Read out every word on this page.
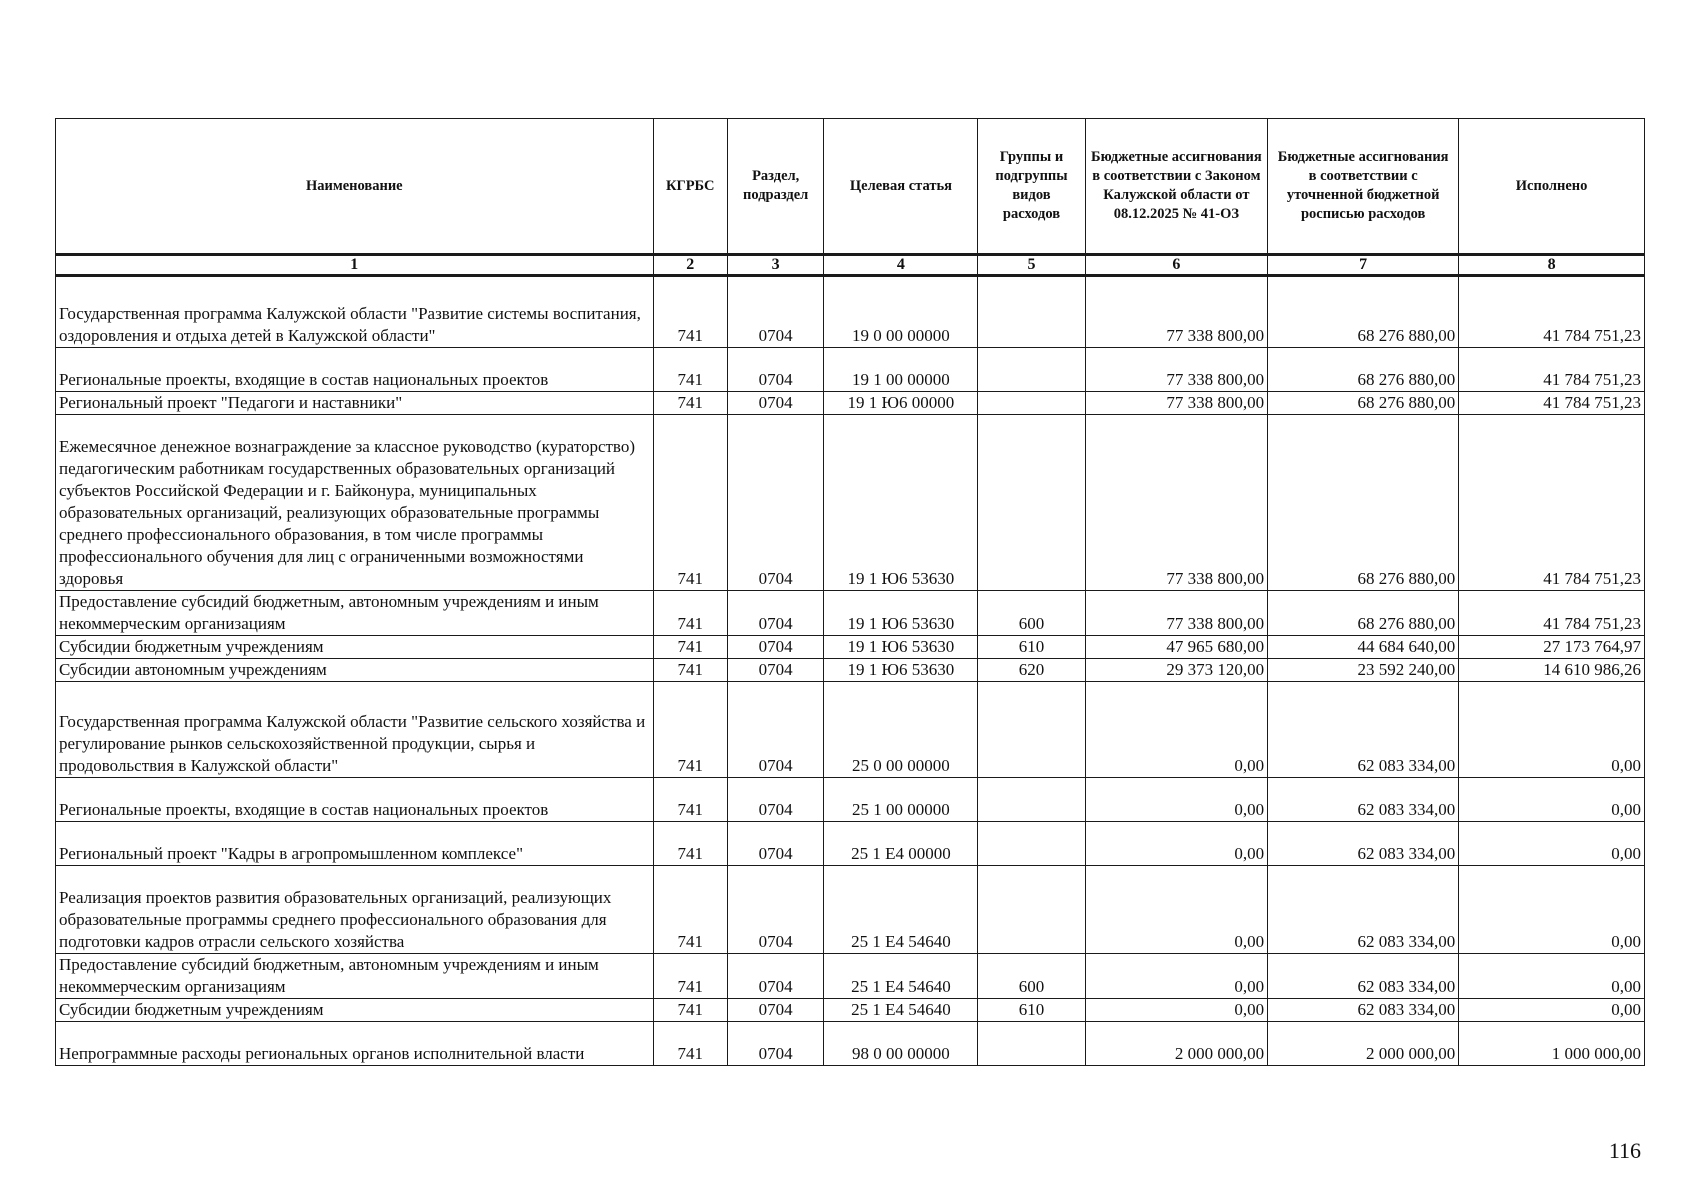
Наименование	КГРБС	Раздел, подраздел	Целевая статья	Группы и подгруппы видов расходов	Бюджетные ассигнования в соответствии с Законом Калужской области от 08.12.2025 № 41-ОЗ	Бюджетные ассигнования в соответствии с уточненной бюджетной росписью расходов	Исполнено
1	2	3	4	5	6	7	8
Государственная программа Калужской области "Развитие системы воспитания, оздоровления и отдыха детей в Калужской области"	741	0704	19 0 00 00000		77 338 800,00	68 276 880,00	41 784 751,23
Региональные проекты, входящие в состав национальных проектов	741	0704	19 1 00 00000		77 338 800,00	68 276 880,00	41 784 751,23
Региональный проект "Педагоги и наставники"	741	0704	19 1 Ю6 00000		77 338 800,00	68 276 880,00	41 784 751,23
Ежемесячное денежное вознаграждение за классное руководство (кураторство) педагогическим работникам государственных образовательных организаций субъектов Российской Федерации и г. Байконура, муниципальных образовательных организаций, реализующих образовательные программы среднего профессионального образования, в том числе программы профессионального обучения для лиц с ограниченными возможностями здоровья	741	0704	19 1 Ю6 53630		77 338 800,00	68 276 880,00	41 784 751,23
Предоставление субсидий бюджетным, автономным учреждениям и иным некоммерческим организациям	741	0704	19 1 Ю6 53630	600	77 338 800,00	68 276 880,00	41 784 751,23
Субсидии бюджетным учреждениям	741	0704	19 1 Ю6 53630	610	47 965 680,00	44 684 640,00	27 173 764,97
Субсидии автономным учреждениям	741	0704	19 1 Ю6 53630	620	29 373 120,00	23 592 240,00	14 610 986,26
Государственная программа Калужской области "Развитие сельского хозяйства и регулирование рынков сельскохозяйственной продукции, сырья и продовольствия в Калужской области"	741	0704	25 0 00 00000		0,00	62 083 334,00	0,00
Региональные проекты, входящие в состав национальных проектов	741	0704	25 1 00 00000		0,00	62 083 334,00	0,00
Региональный проект "Кадры в агропромышленном комплексе"	741	0704	25 1 Е4 00000		0,00	62 083 334,00	0,00
Реализация проектов развития образовательных организаций, реализующих образовательные программы среднего профессионального образования для подготовки кадров отрасли сельского хозяйства	741	0704	25 1 Е4 54640		0,00	62 083 334,00	0,00
Предоставление субсидий бюджетным, автономным учреждениям и иным некоммерческим организациям	741	0704	25 1 Е4 54640	600	0,00	62 083 334,00	0,00
Субсидии бюджетным учреждениям	741	0704	25 1 Е4 54640	610	0,00	62 083 334,00	0,00
Непрограммные расходы региональных органов исполнительной власти	741	0704	98 0 00 00000		2 000 000,00	2 000 000,00	1 000 000,00
116
